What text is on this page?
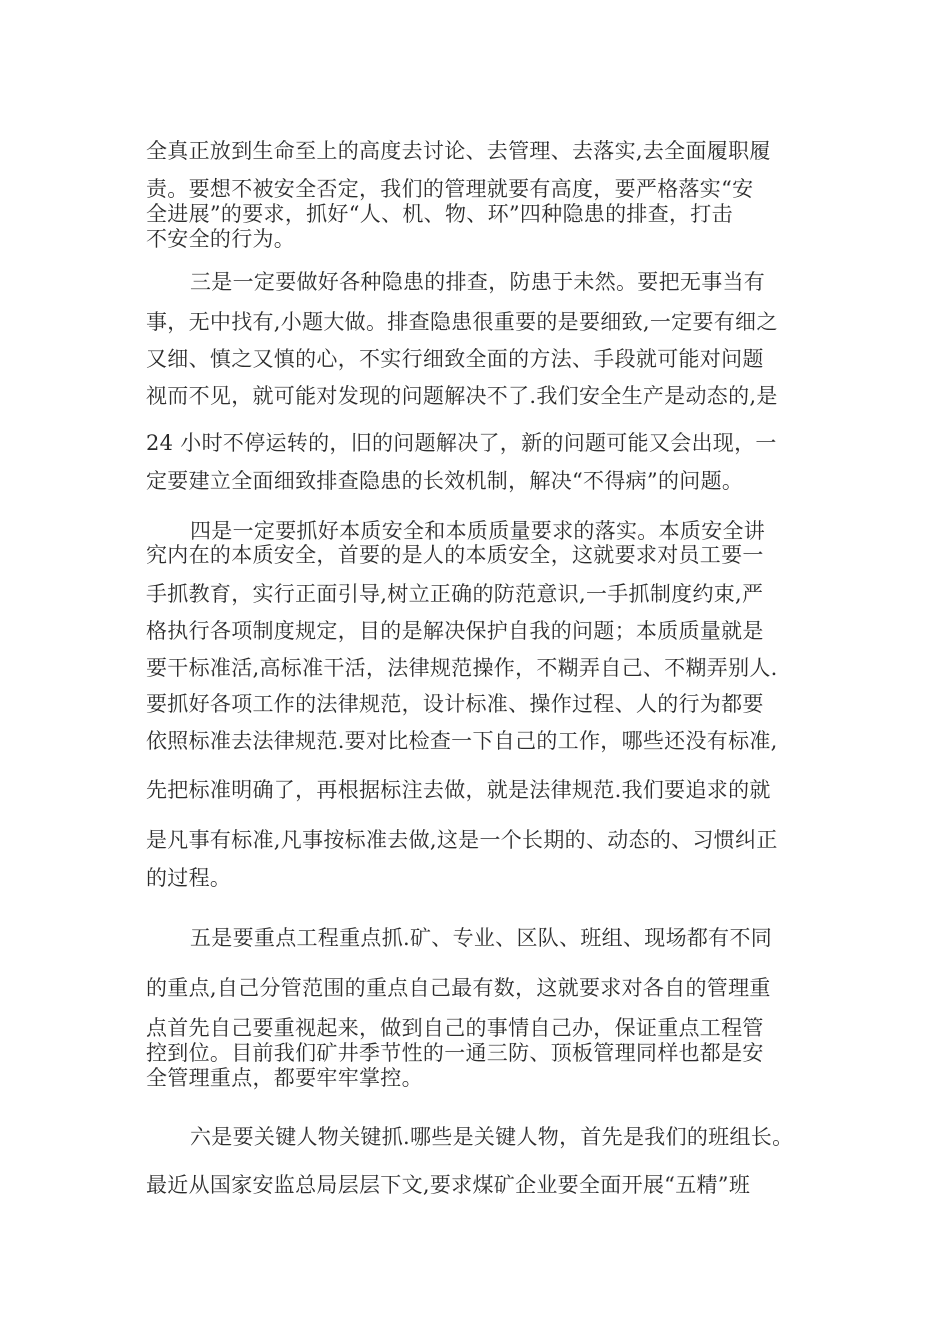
全真正放到生命至上的高度去讨论、去管理、去落实,去全面履职履
责。要想不被安全否定，我们的管理就要有高度，要严格落实“安
全进展”的要求，抓好“人、机、物、环”四种隐患的排查，打击
不安全的行为。
三是一定要做好各种隐患的排查，防患于未然。要把无事当有
事，无中找有,小题大做。排查隐患很重要的是要细致,一定要有细之
又细、慎之又慎的心，不实行细致全面的方法、手段就可能对问题
视而不见，就可能对发现的问题解决不了.我们安全生产是动态的,是
24 小时不停运转的，旧的问题解决了，新的问题可能又会出现，一
定要建立全面细致排查隐患的长效机制，解决“不得病”的问题。
四是一定要抓好本质安全和本质质量要求的落实。本质安全讲
究内在的本质安全，首要的是人的本质安全，这就要求对员工要一
手抓教育，实行正面引导,树立正确的防范意识,一手抓制度约束,严
格执行各项制度规定，目的是解决保护自我的问题；本质质量就是
要干标准活,高标准干活，法律规范操作，不糊弄自己、不糊弄别人.
要抓好各项工作的法律规范，设计标准、操作过程、人的行为都要
依照标准去法律规范.要对比检查一下自己的工作，哪些还没有标准,
先把标准明确了，再根据标注去做，就是法律规范.我们要追求的就
是凡事有标准,凡事按标准去做,这是一个长期的、动态的、习惯纠正
的过程。
五是要重点工程重点抓.矿、专业、区队、班组、现场都有不同
的重点,自己分管范围的重点自己最有数，这就要求对各自的管理重
点首先自己要重视起来，做到自己的事情自己办，保证重点工程管
控到位。目前我们矿井季节性的一通三防、顶板管理同样也都是安
全管理重点，都要牢牢掌控。
六是要关键人物关键抓.哪些是关键人物，首先是我们的班组长。
最近从国家安监总局层层下文,要求煤矿企业要全面开展“五精”班
